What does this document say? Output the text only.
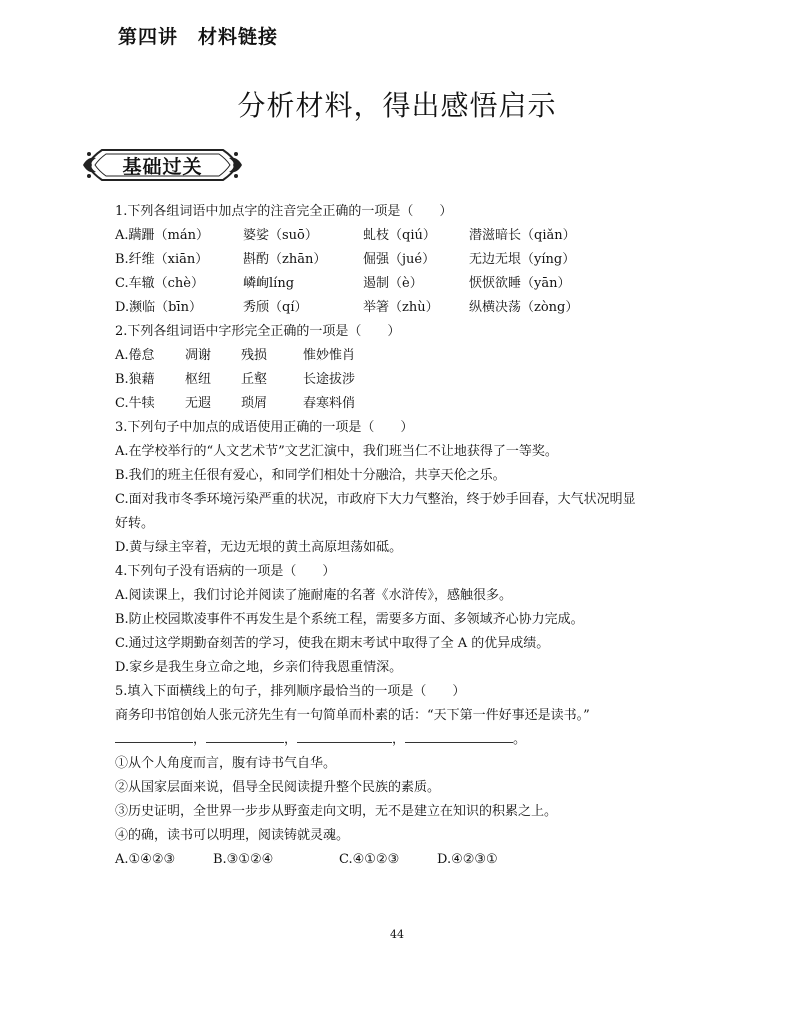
第四讲　材料链接
分析材料，得出感悟启示
基础过关
1.下列各组词语中加点字的注音完全正确的一项是（　　）
A.蹒跚（mán）	婆娑（suō）	虬枝（qiú）	潜滋暗长（qiǎn）
B.纤维（xiān）	斟酌（zhān）	倔强（jué）	无边无垠（yíng）
C.车辙（chè）	嶙峋líng	遏制（è）	恹恹欲睡（yān）
D.濒临（bīn）	秀颀（qí）	举箸（zhù）	纵横决荡（zòng）
2.下列各组词语中字形完全正确的一项是（　　）
A.倦怠	凋谢	残损	惟妙惟肖
B.狼藉	枢纽	丘壑	长途拔涉
C.牛犊	无遐	琐屑	春寒料俏
3.下列句子中加点的成语使用正确的一项是（　　）
A.在学校举行的“人文艺术节”文艺汇演中，我们班当仁不让地获得了一等奖。
B.我们的班主任很有爱心，和同学们相处十分融洽，共享天伦之乐。
C.面对我市冬季环境污染严重的状况，市政府下大力气整治，终于妙手回春，大气状况明显
好转。
D.黄与绿主宰着，无边无垠的黄土高原坦荡如砥。
4.下列句子没有语病的一项是（　　）
A.阅读课上，我们讨论并阅读了施耐庵的名著《水浒传》，感触很多。
B.防止校园欺凌事件不再发生是个系统工程，需要多方面、多领域齐心协力完成。
C.通过这学期勤奋刻苦的学习，使我在期末考试中取得了全 A 的优异成绩。
D.家乡是我生身立命之地，乡亲们待我恩重情深。
5.填入下面横线上的句子，排列顺序最恰当的一项是（　　）
商务印书馆创始人张元济先生有一句简单而朴素的话：“天下第一件好事还是读书。”
，	，	，	。
①从个人角度而言，腹有诗书气自华。
②从国家层面来说，倡导全民阅读提升整个民族的素质。
③历史证明，全世界一步步从野蛮走向文明，无不是建立在知识的积累之上。
④的确，读书可以明理，阅读铸就灵魂。
A.①④②③	B.③①②④	C.④①②③	D.④②③①
44
